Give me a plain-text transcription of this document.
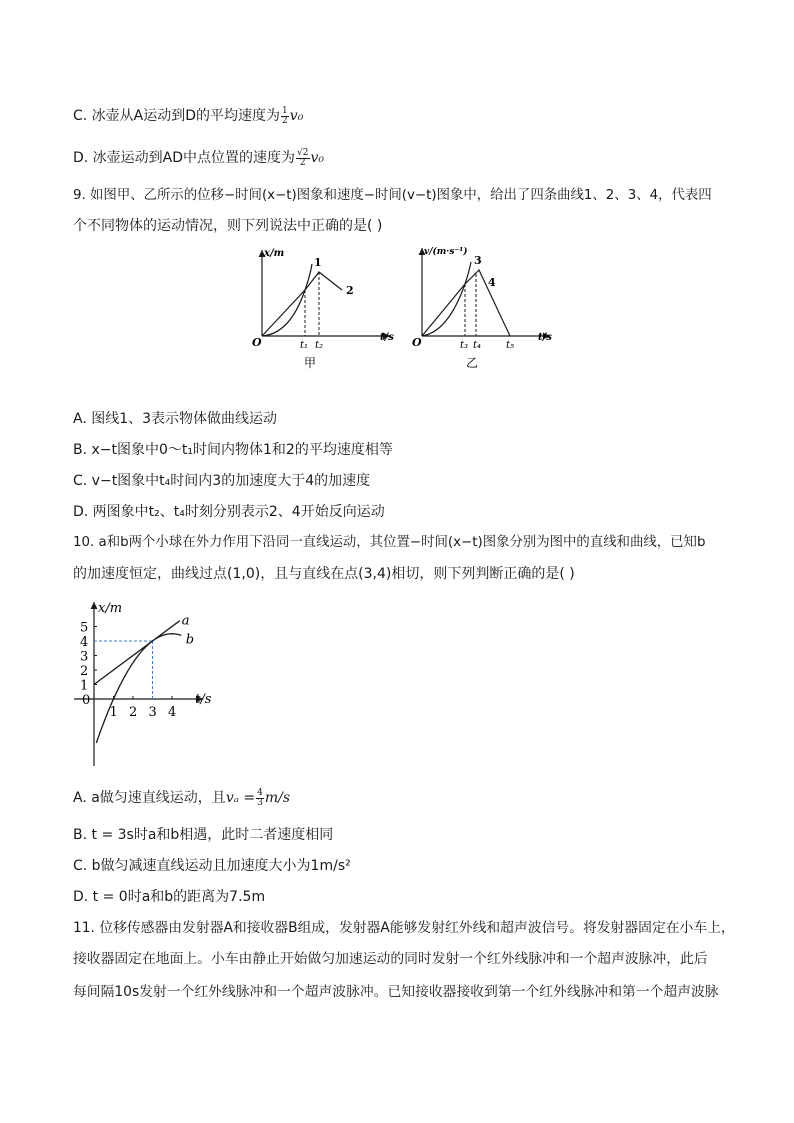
C. 冰壶从A运动到D的平均速度为 $\frac{1}{2} v_0$
D. 冰壶运动到AD中点位置的速度为 $\frac{√2}{2} v_0$
9. 如图甲、乙所示的位移−时间(x−t)图象和速度−时间(v−t)图象中，给出了四条曲线1、2、3、4，代表四
个不同物体的运动情况，则下列说法中正确的是( )
x/m
t/s
O
1
2
t₁ t₂
甲
v/(m·s⁻¹)
t/s
O
3
4
t₃ t₄ t₅
乙
A. 图线1、3表示物体做曲线运动
B. x−t图象中0～t₁时间内物体1和2的平均速度相等
C. v−t图象中t₄时间内3的加速度大于4的加速度
D. 两图象中t₂、t₄时刻分别表示2、4开始反向运动
10. a和b两个小球在外力作用下沿同一直线运动，其位置−时间(x−t)图象分别为图中的直线和曲线，已知b
的加速度恒定，曲线过点(1,0)，且与直线在点(3,4)相切，则下列判断正确的是( )
x/m
t/s
0
1
2
3
4
5
1 2 3 4
a
b
A. a做匀速直线运动，且$v_a = \frac{4}{3} m/s$
B. t = 3s时a和b相遇，此时二者速度相同
C. b做匀减速直线运动且加速度大小为1m/s²
D. t = 0时a和b的距离为7.5m
11. 位移传感器由发射器A和接收器B组成，发射器A能够发射红外线和超声波信号。将发射器固定在小车上，
接收器固定在地面上。小车由静止开始做匀加速运动的同时发射一个红外线脉冲和一个超声波脉冲，此后
每间隔10s发射一个红外线脉冲和一个超声波脉冲。已知接收器接收到第一个红外线脉冲和第一个超声波脉
